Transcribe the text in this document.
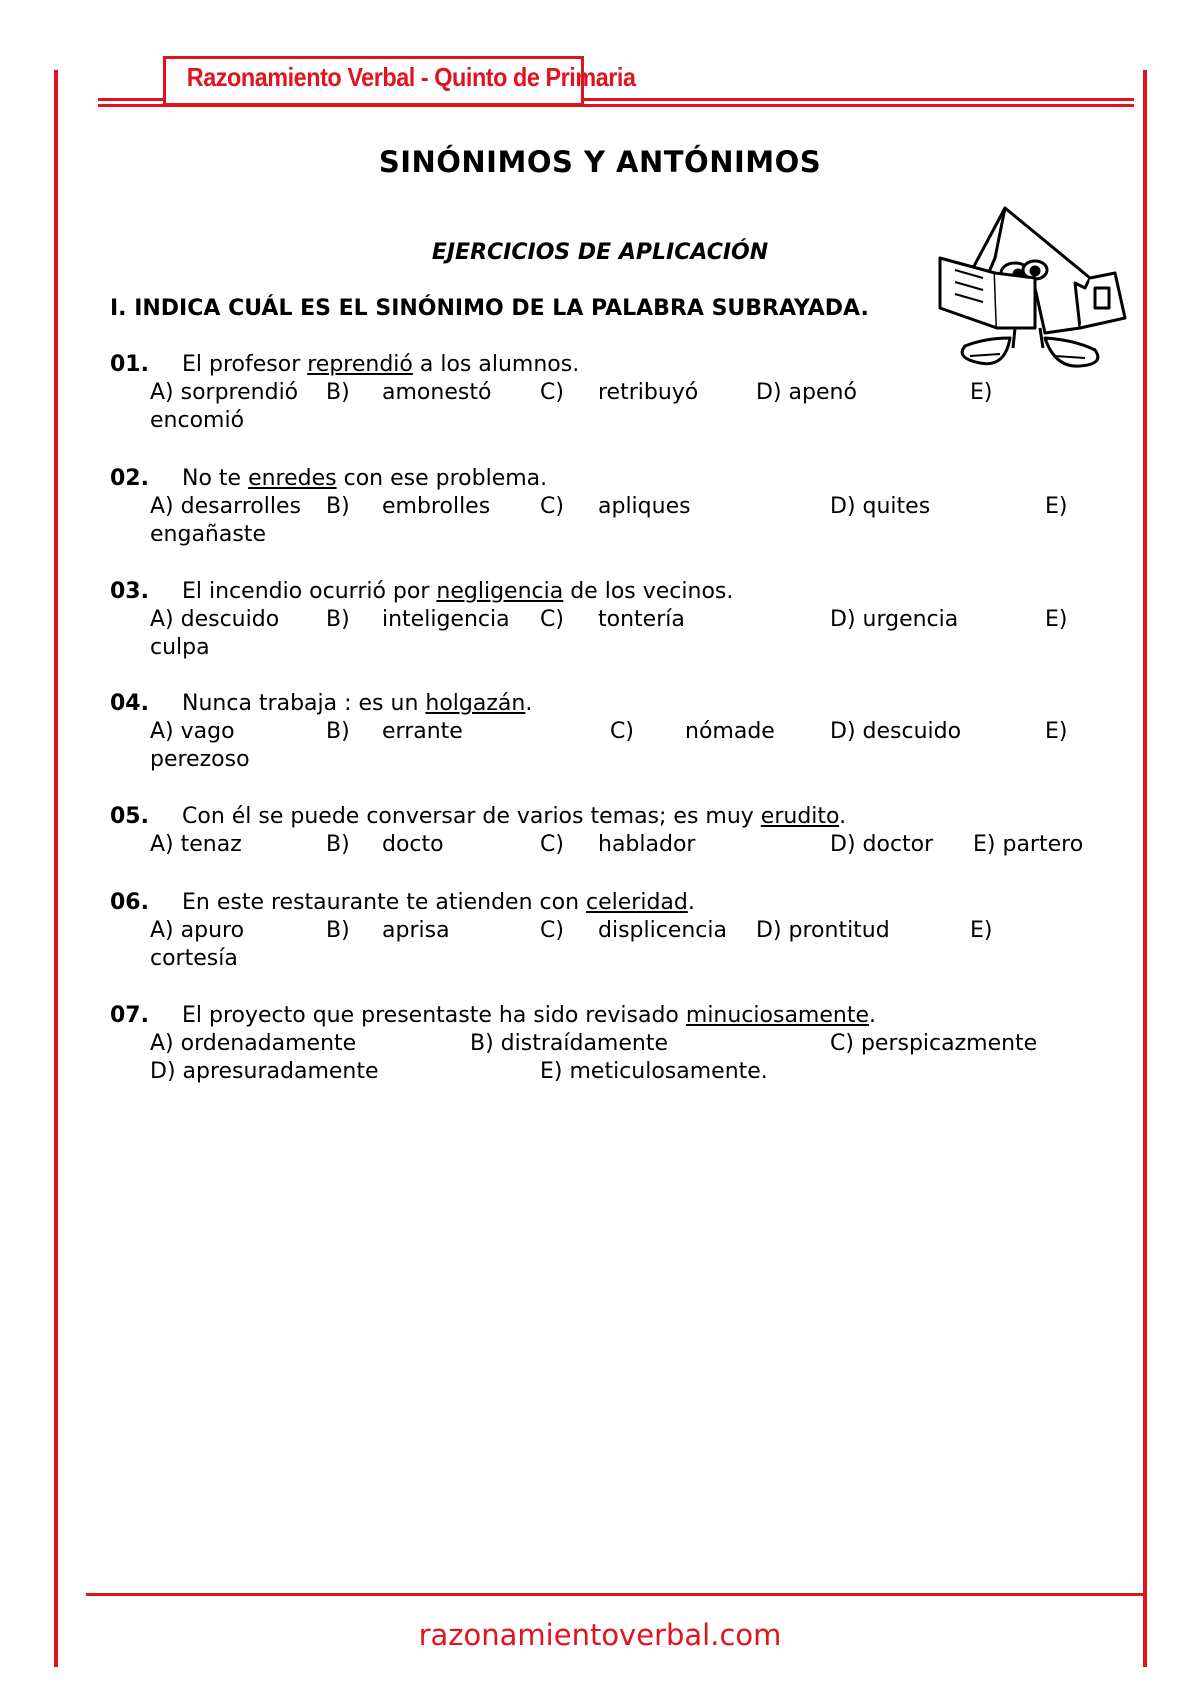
Razonamiento Verbal - Quinto de Primaria
SINÓNIMOS Y ANTÓNIMOS
EJERCICIOS DE APLICACIÓN
I. INDICA CUÁL ES EL SINÓNIMO DE LA PALABRA SUBRAYADA.
01. El profesor reprendió a los alumnos.
A) sorprendió B) amonestó C) retribuyó	D) apenó	E)
encomió
02. No te enredes con ese problema.
A) desarrolles B) embrolles C) apliques	D) quites	E)
engañaste
03. El incendio ocurrió por negligencia de los vecinos.
A) descuido B) inteligencia C) tontería	D) urgencia	E)
culpa
04. Nunca trabaja : es un holgazán.
A) vago	B) errante	C) nómade	D) descuido	E)
perezoso
05. Con él se puede conversar de varios temas; es muy erudito.
A) tenaz	B) docto	C) hablador	D) doctor E) partero
06. En este restaurante te atienden con celeridad.
A) apuro	B) aprisa	C) displicencia D) prontitud	E)
cortesía
07. El proyecto que presentaste ha sido revisado minuciosamente.
A) ordenadamente	B) distraídamente	C) perspicazmente
D) apresuradamente	E) meticulosamente.
razonamientoverbal.com
